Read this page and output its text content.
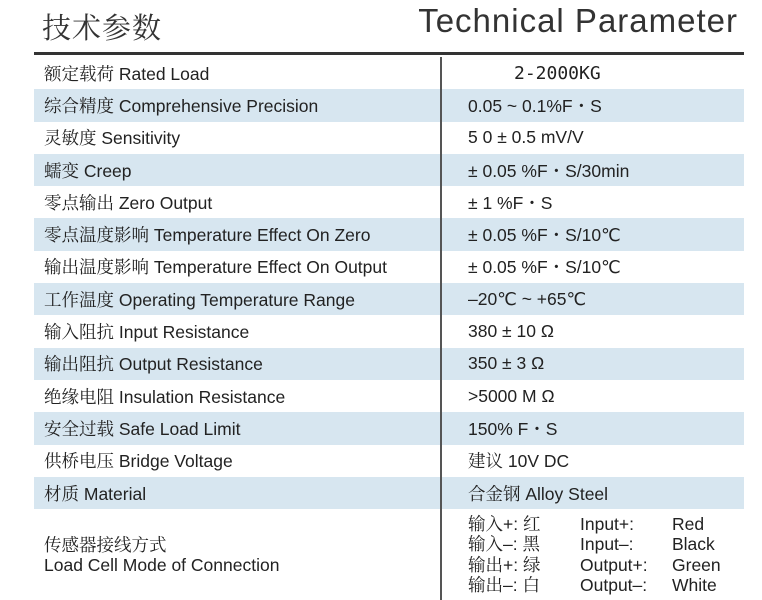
技术参数	Technical Parameter
额定载荷 Rated Load	2-2000KG
综合精度 Comprehensive Precision	0.05 ~ 0.1%F・S
灵敏度 Sensitivity	5 0 ± 0.5 mV/V
蠕变 Creep	± 0.05 %F・S/30min
零点输出 Zero Output	± 1 %F・S
零点温度影响 Temperature Effect On Zero	± 0.05 %F・S/10℃
输出温度影响 Temperature Effect On Output	± 0.05 %F・S/10℃
工作温度 Operating Temperature Range	–20℃ ~ +65℃
输入阻抗 Input Resistance	380 ± 10 Ω
输出阻抗 Output Resistance	350 ± 3 Ω
绝缘电阻 Insulation Resistance	>5000 M Ω
安全过载 Safe Load Limit	150% F・S
供桥电压 Bridge Voltage	建议 10V DC
材质 Material	合金钢 Alloy Steel
传感器接线方式
Load Cell Mode of Connection
输入+: 红	Input+:	Red
输入–: 黑	Input–:	Black
输出+: 绿	Output+:	Green
输出–: 白	Output–:	White
